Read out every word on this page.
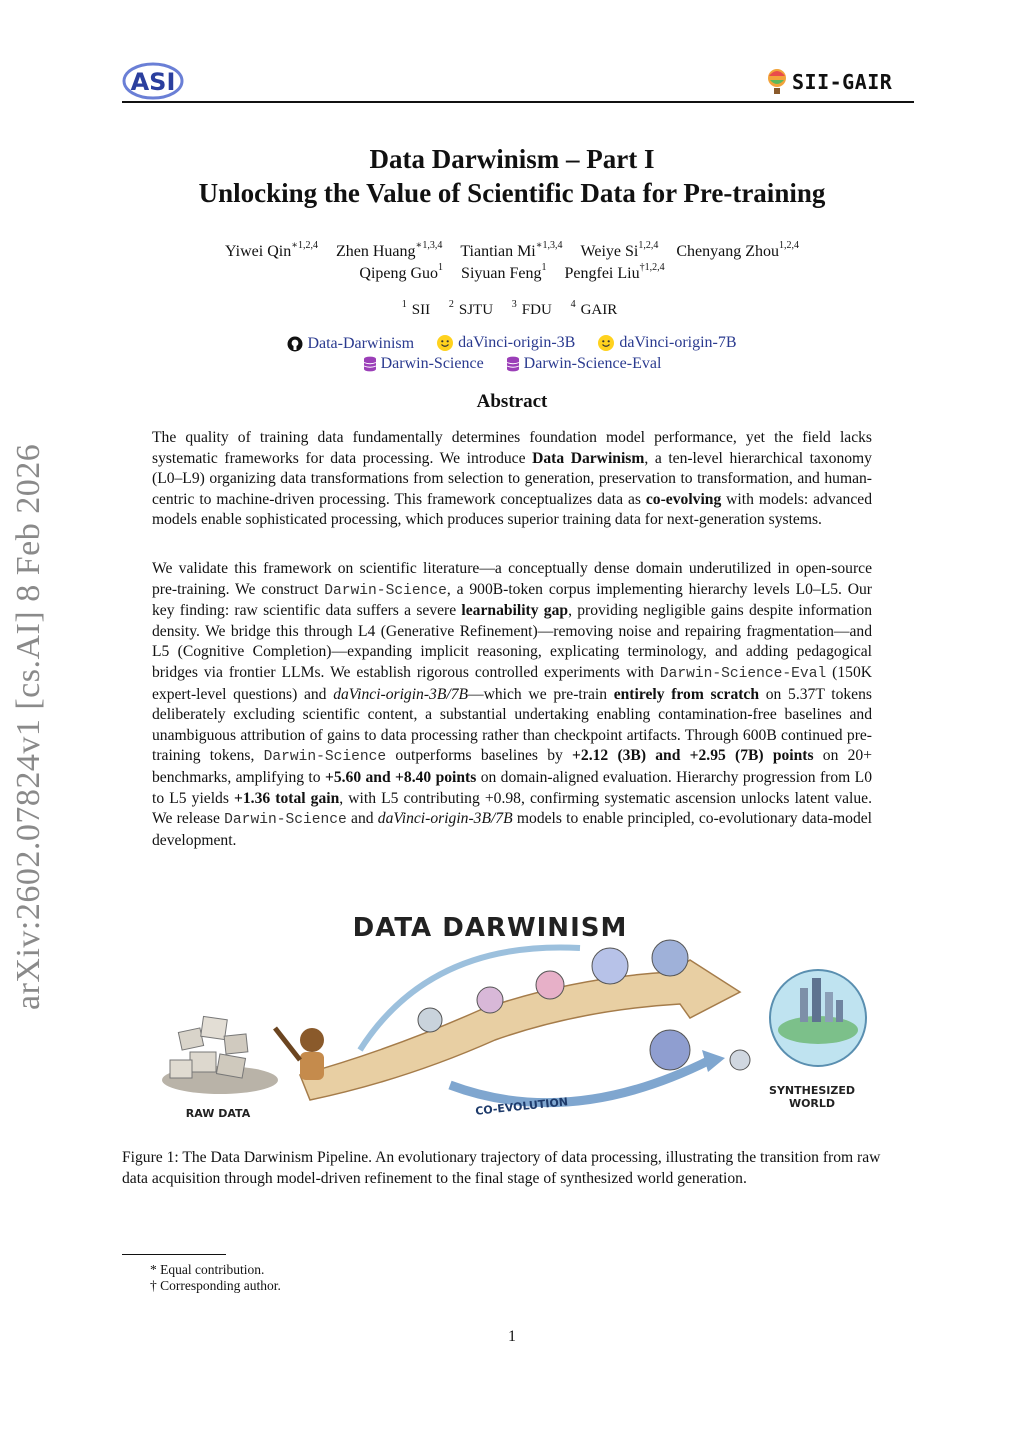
ASI	SII-GAIR
arXiv:2602.07824v1 [cs.AI] 8 Feb 2026
Data Darwinism – Part I
Unlocking the Value of Scientific Data for Pre-training
Yiwei Qin$^{∗1,2,4}$ Zhen Huang$^{∗1,3,4}$ Tiantian $Mi^{∗1,3,4}$ Weiye Si$^{1,2,4}$ Chenyang Zhou$^{1,2,4}$
Qipeng Guo$^1$ Siyuan Feng$^1$ Pengfei Liu$^{\dagger 1,2,4}$
$^1$ SII $^2$ SJTU $^3$ FDU $^4$ GAIR
Data-Darwinism
	daVinci-origin-3B
	daVinci-origin-7B
Darwin-Science
	Darwin-Science-Eval
Abstract
The quality of training data fundamentally determines foundation model performance, yet the field lacks systematic frameworks for data processing. We introduce Data Darwinism, a ten-level hierarchical taxonomy (L0–L9) organizing data transformations from selection to generation, preservation to transformation, and human-centric to machine-driven processing. This framework conceptualizes data as co-evolving with models: advanced models enable sophisticated processing, which produces superior training data for next-generation systems.
We validate this framework on scientific literature—a conceptually dense domain underutilized in open-source pre-training. We construct Darwin-Science, a 900B-token corpus implementing hierarchy levels L0–L5. Our key finding: raw scientific data suffers a severe learnability gap, providing negligible gains despite information density. We bridge this through L4 (Generative Refinement)—removing noise and repairing fragmentation—and L5 (Cognitive Completion)—expanding implicit reasoning, explicating terminology, and adding pedagogical bridges via frontier LLMs. We establish rigorous controlled experiments with Darwin-Science-Eval (150K expert-level questions) and daVinci-origin-3B/7B—which we pre-train entirely from scratch on 5.37T tokens deliberately excluding scientific content, a substantial undertaking enabling contamination-free baselines and unambiguous attribution of gains to data processing rather than checkpoint artifacts. Through 600B continued pre-training tokens, Darwin-Science outperforms baselines by +2.12 (3B) and +2.95 (7B) points on 20+ benchmarks, amplifying to +5.60 and +8.40 points on domain-aligned evaluation. Hierarchy progression from L0 to L5 yields +1.36 total gain, with L5 contributing +0.98, confirming systematic ascension unlocks latent value. We release Darwin-Science and daVinci-origin-3B/7B models to enable principled, co-evolutionary data-model development.
DATA DARWINISM
RAW DATA	CO-EVOLUTION
SYNTHESIZED
WORLD
Figure 1: The Data Darwinism Pipeline. An evolutionary trajectory of data processing, illustrating the transition from raw data acquisition through model-driven refinement to the final stage of synthesized world generation.
* Equal contribution.
† Corresponding author.
1
